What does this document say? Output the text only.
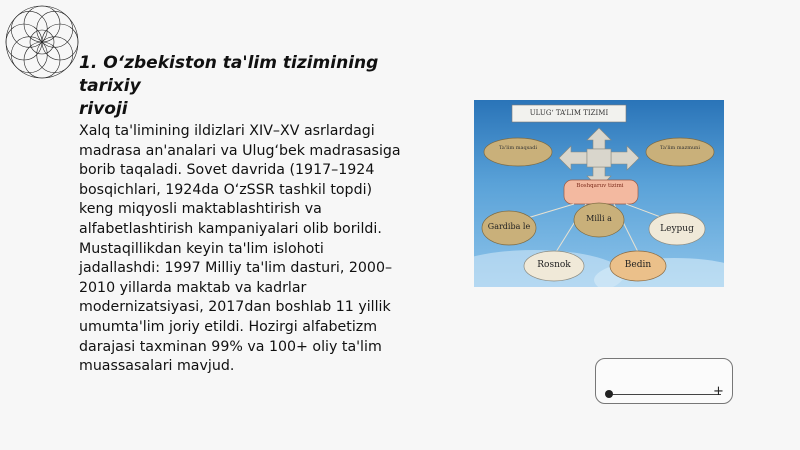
1. O‘zbekiston ta'lim tizimining tarixiy
rivoji

Xalq ta'limining ildizlari XIV–XV asrlardagi
madrasa an'analari va Ulug‘bek madrasasiga
borib taqaladi. Sovet davrida (1917–1924
bosqichlari, 1924da O‘zSSR tashkil topdi)
keng miqyosli maktablashtirish va
alfabetlashtirish kampaniyalari olib borildi.
Mustaqillikdan keyin ta'lim islohoti
jadallashdi: 1997 Milliy ta'lim dasturi, 2000–
2010 yillarda maktab va kadrlar
modernizatsiyasi, 2017dan boshlab 11 yillik
umumta'lim joriy etildi. Hozirgi alfabetizm
darajasi taxminan 99% va 100+ oliy ta'lim
muassasalari mavjud.

ULUG‘ TA’LIM TIZIMI
Ta'lim maqsadi	Ta'lim mazmuni
Boshqaruv tizimi
Gardiba le
Milli a
Leypug
Rosnok	Bedin
+
